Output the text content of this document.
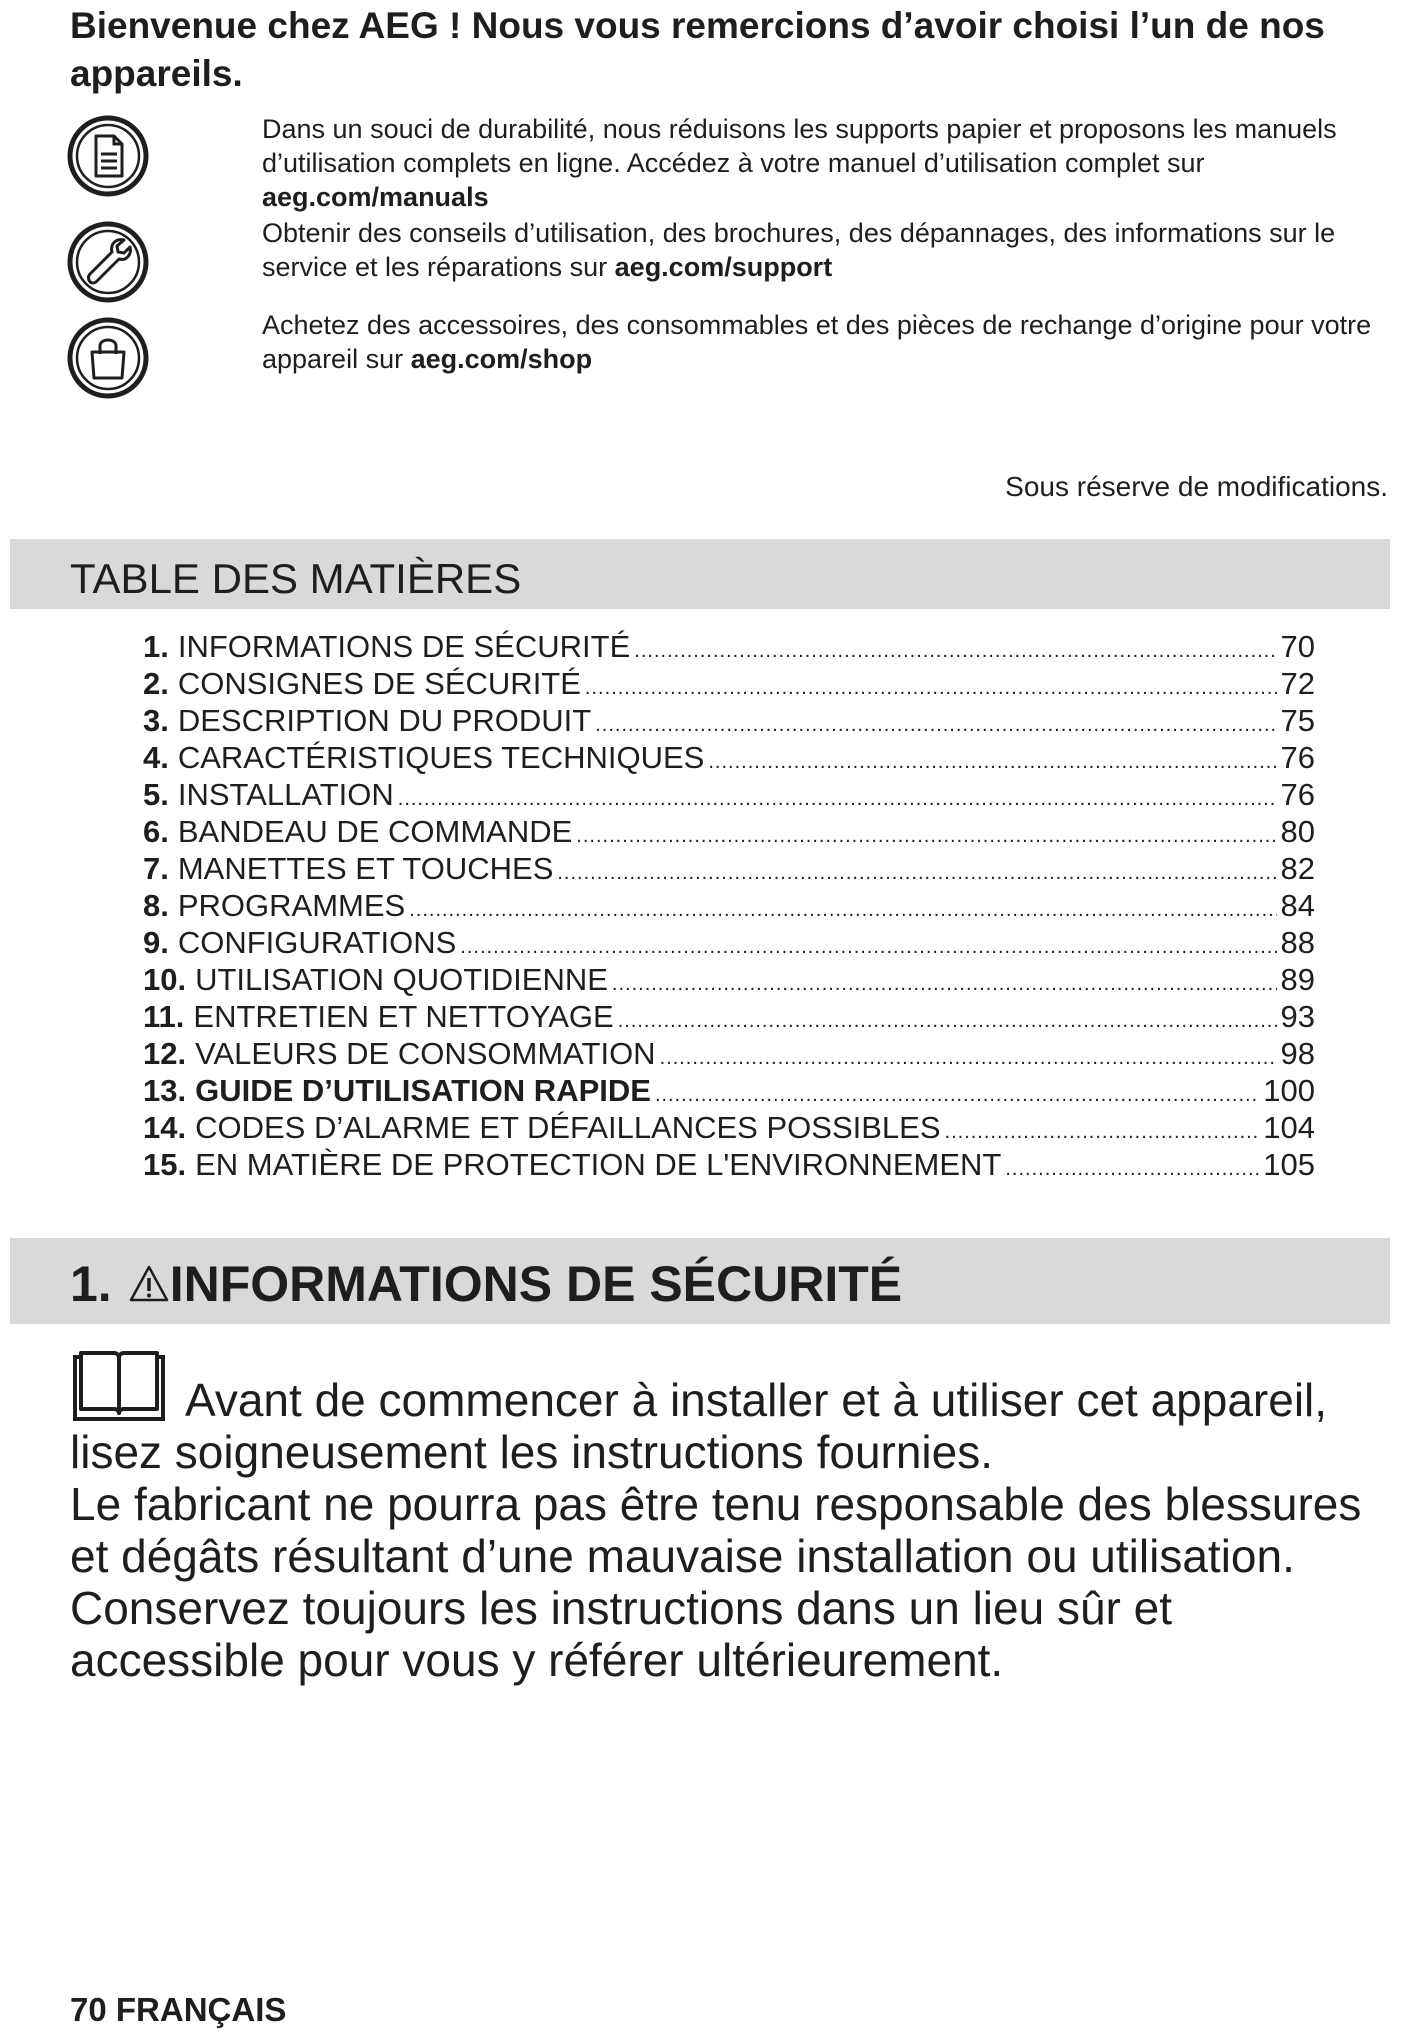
Bienvenue chez AEG ! Nous vous remercions d’avoir choisi l’un de nos appareils.
Dans un souci de durabilité, nous réduisons les supports papier et proposons les manuels d’utilisation complets en ligne. Accédez à votre manuel d’utilisation complet sur aeg.com/manuals
Obtenir des conseils d’utilisation, des brochures, des dépannages, des informations sur le service et les réparations sur aeg.com/support
Achetez des accessoires, des consommables et des pièces de rechange d’origine pour votre appareil sur aeg.com/shop
Sous réserve de modifications.
TABLE DES MATIÈRES
1. INFORMATIONS DE SÉCURITÉ .....	70
2. CONSIGNES DE SÉCURITÉ .....	72
3. DESCRIPTION DU PRODUIT .....	75
4. CARACTÉRISTIQUES TECHNIQUES .....	76
5. INSTALLATION .....	76
6. BANDEAU DE COMMANDE .....	80
7. MANETTES ET TOUCHES .....	82
8. PROGRAMMES .....	84
9. CONFIGURATIONS .....	88
10. UTILISATION QUOTIDIENNE .....	89
11. ENTRETIEN ET NETTOYAGE .....	93
12. VALEURS DE CONSOMMATION .....	98
13. GUIDE D’UTILISATION RAPIDE .....	100
14. CODES D’ALARME ET DÉFAILLANCES POSSIBLES .....	104
15. EN MATIÈRE DE PROTECTION DE L'ENVIRONNEMENT .....	105
1. INFORMATIONS DE SÉCURITÉ
Avant de commencer à installer et à utiliser cet appareil, lisez soigneusement les instructions fournies.
Le fabricant ne pourra pas être tenu responsable des blessures et dégâts résultant d’une mauvaise installation ou utilisation. Conservez toujours les instructions dans un lieu sûr et accessible pour vous y référer ultérieurement.
70 FRANÇAIS
